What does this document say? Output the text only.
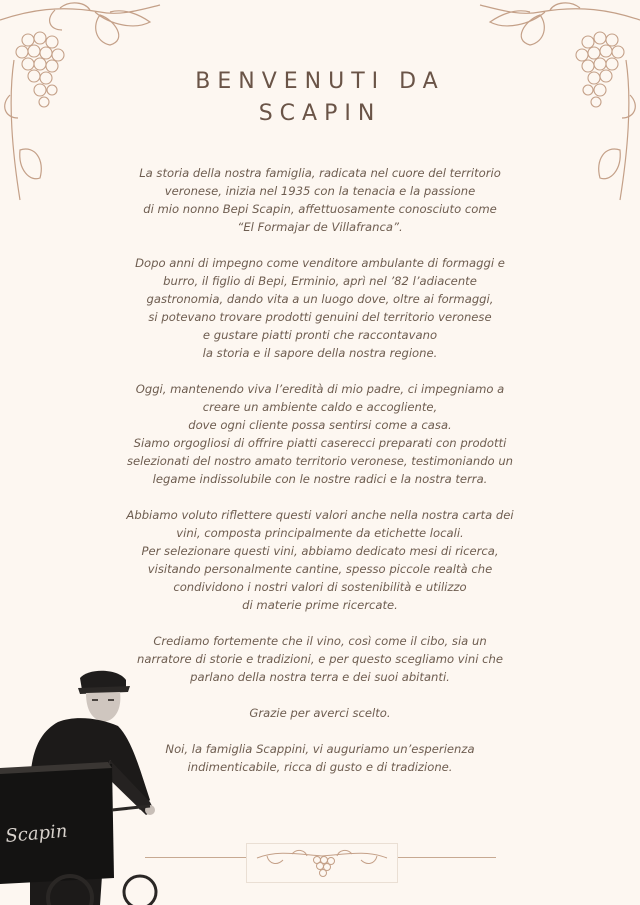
BENVENUTI DA
SCAPIN

La storia della nostra famiglia, radicata nel cuore del territorio
veronese, inizia nel 1935 con la tenacia e la passione
di mio nonno Bepi Scapin, affettuosamente conosciuto come
“El Formajar de Villafranca”.

Dopo anni di impegno come venditore ambulante di formaggi e
burro, il figlio di Bepi, Erminio, aprì nel ’82 l’adiacente
gastronomia, dando vita a un luogo dove, oltre ai formaggi,
si potevano trovare prodotti genuini del territorio veronese
e gustare piatti pronti che raccontavano
la storia e il sapore della nostra regione.

Oggi, mantenendo viva l’eredità di mio padre, ci impegniamo a
creare un ambiente caldo e accogliente,
dove ogni cliente possa sentirsi come a casa.
Siamo orgogliosi di offrire piatti caserecci preparati con prodotti
selezionati del nostro amato territorio veronese, testimoniando un
legame indissolubile con le nostre radici e la nostra terra.

Abbiamo voluto riflettere questi valori anche nella nostra carta dei
vini, composta principalmente da etichette locali.
Per selezionare questi vini, abbiamo dedicato mesi di ricerca,
visitando personalmente cantine, spesso piccole realtà che
condividono i nostri valori di sostenibilità e utilizzo
di materie prime ricercate.

Crediamo fortemente che il vino, così come il cibo, sia un
narratore di storie e tradizioni, e per questo scegliamo vini che
parlano della nostra terra e dei suoi abitanti.

Grazie per averci scelto.

Noi, la famiglia Scappini, vi auguriamo un’esperienza
indimenticabile, ricca di gusto e di tradizione.

Scapin
